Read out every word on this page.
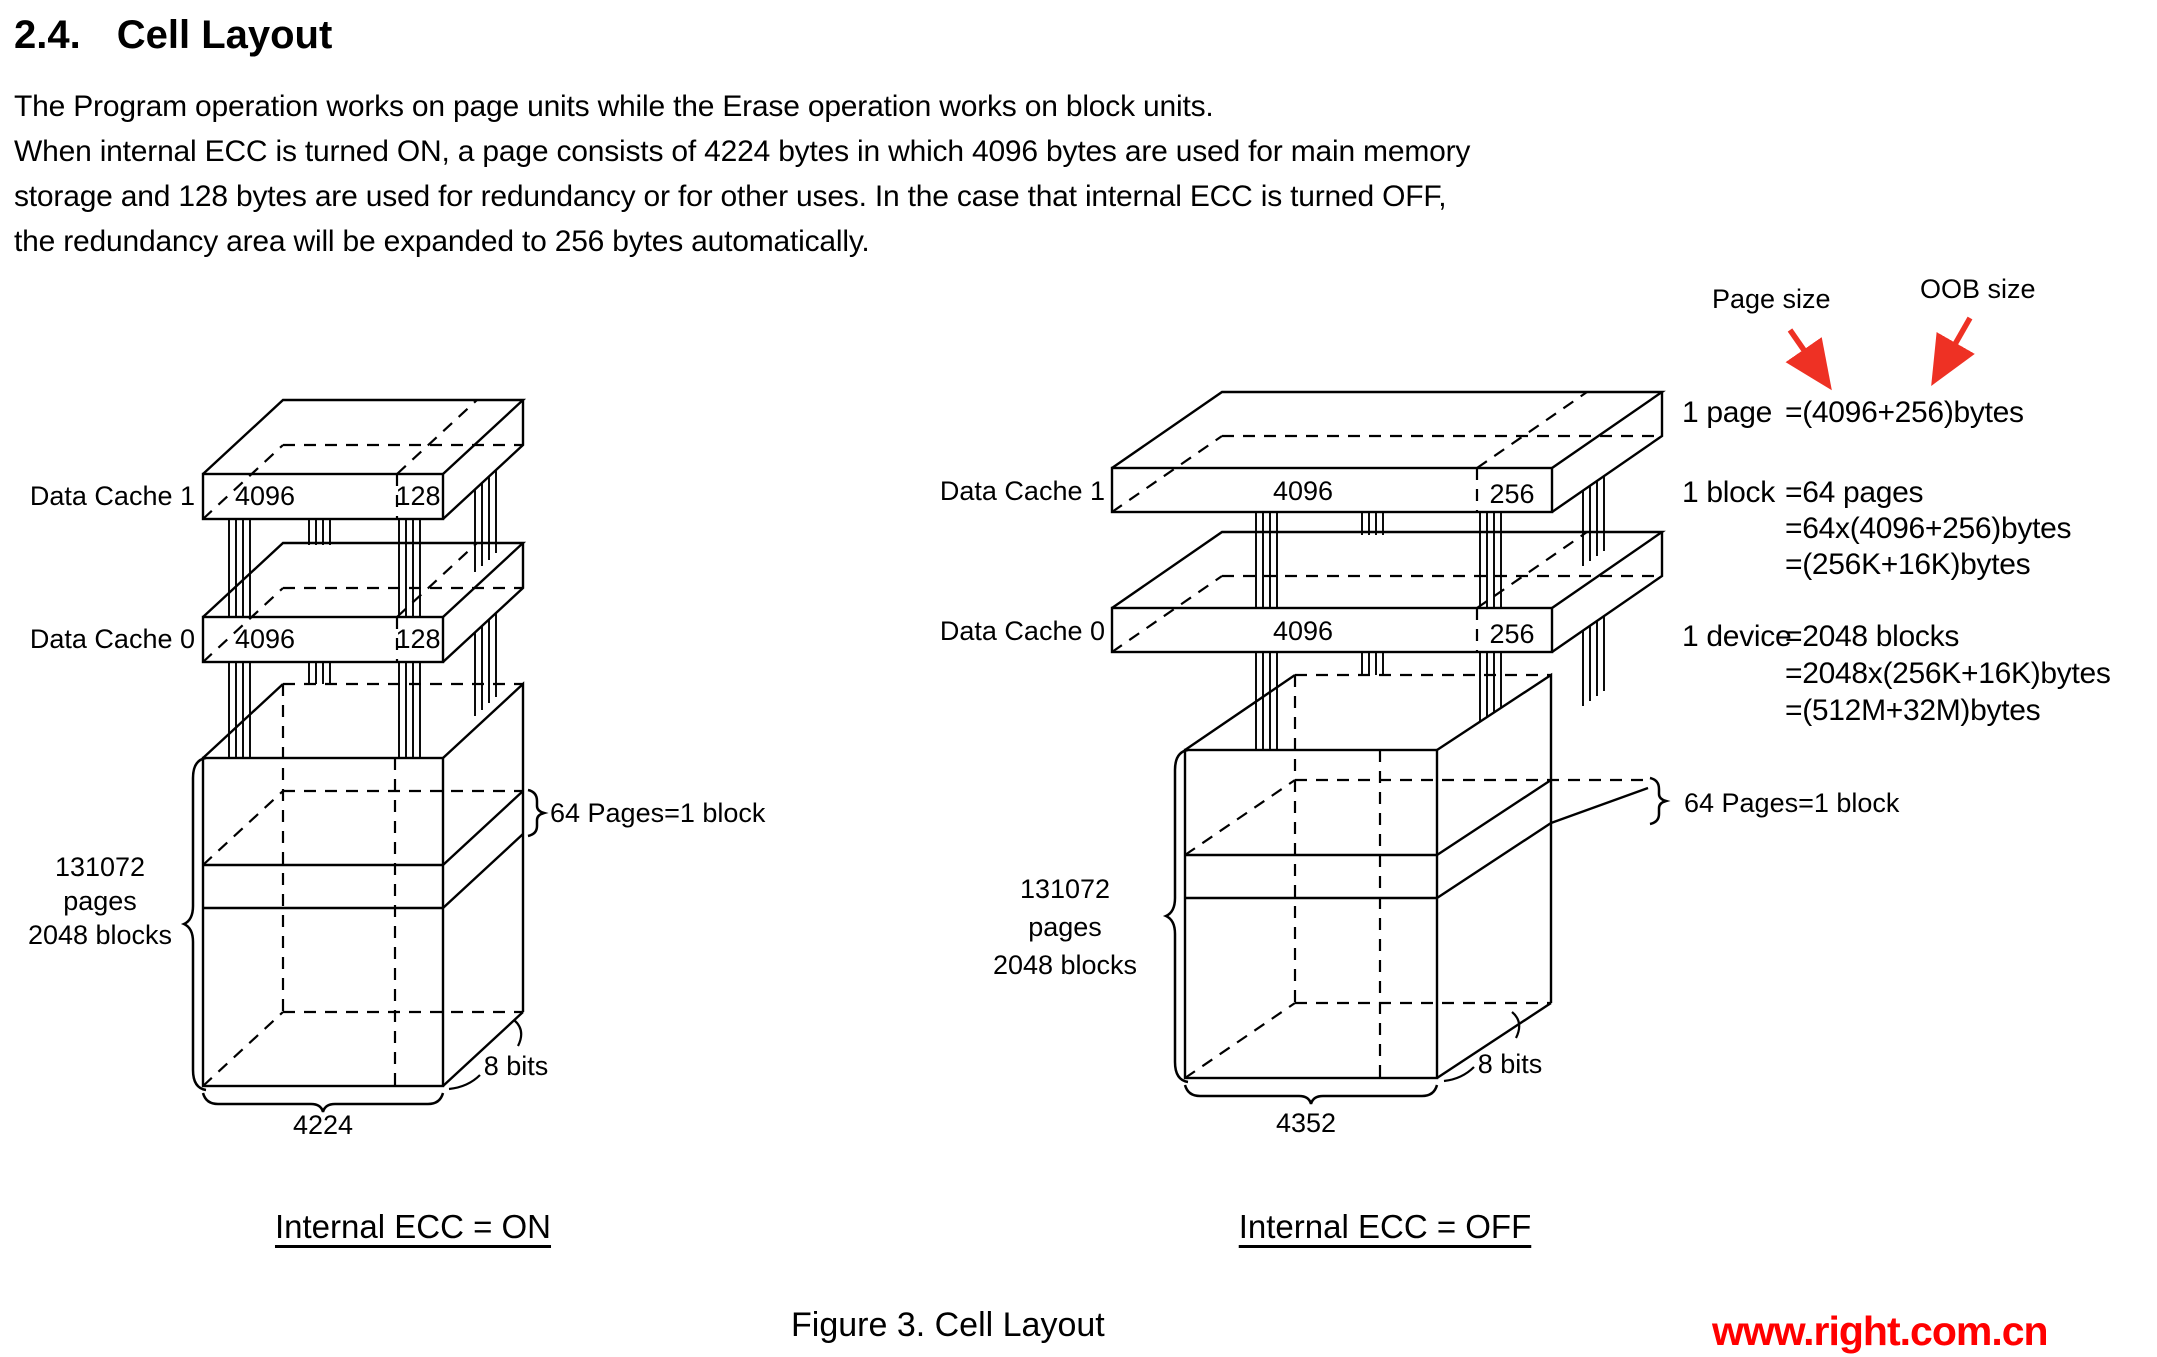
2.4. Cell Layout
The Program operation works on page units while the Erase operation works on block units.
When internal ECC is turned ON, a page consists of 4224 bytes in which 4096 bytes are used for main memory
storage and 128 bytes are used for redundancy or for other uses. In the case that internal ECC is turned OFF,
the redundancy area will be expanded to 256 bytes automatically.
Data Cache 1
Data Cache 0
4096	128
4096	128
131072
pages
2048 blocks
64 Pages=1 block
8 bits
4224
Internal ECC = ON
Data Cache 1
Data Cache 0
4096	256
4096	256
131072
pages
2048 blocks
64 Pages=1 block
8 bits
4352
Internal ECC = OFF
Page size	OOB size
1 page =(4096+256)bytes
1 block =64 pages
=64x(4096+256)bytes
=(256K+16K)bytes
1 device
=2048 blocks
=2048x(256K+16K)bytes
=(512M+32M)bytes
Figure 3. Cell Layout	www.right.com.cn
